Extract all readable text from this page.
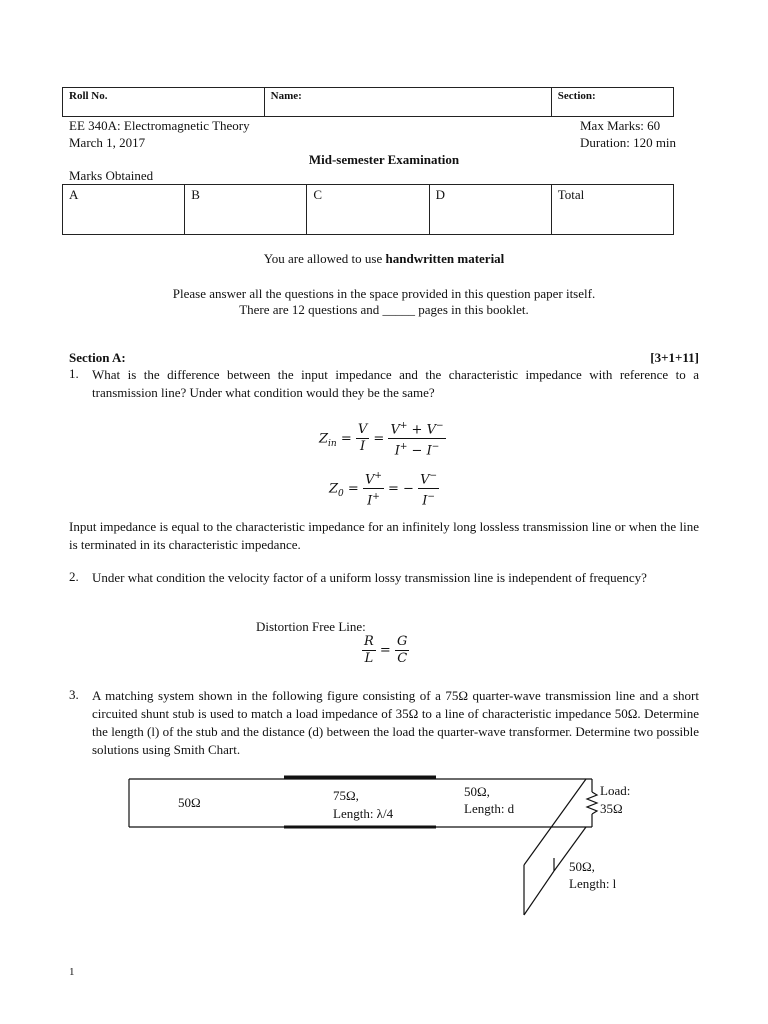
Roll No.	Name:	Section:
EE 340A: Electromagnetic Theory
March 1, 2017
Max Marks: 60
Duration: 120 min
Mid-semester Examination
Marks Obtained
A	B	C	D	Total
You are allowed to use handwritten material
Please answer all the questions in the space provided in this question paper itself.
There are 12 questions and _____ pages in this booklet.
Section A:	[3+1+11]
1. What is the difference between the input impedance and the characteristic impedance with reference to a transmission line? Under what condition would they be the same?
$Z_{in} = \frac{V}{I} = \frac{V^+ + V^-}{I^+ - I^-}$
$Z_0 = \frac{V^+}{I^+}$ = − $\frac{V^-}{I^-}$
Input impedance is equal to the characteristic impedance for an infinitely long lossless transmission line or when the line is terminated in its characteristic impedance.
2. Under what condition the velocity factor of a uniform lossy transmission line is independent of frequency?
Distortion Free Line:
$\frac{R}{L} = \frac{G}{C}$
3. A matching system shown in the following figure consisting of a 75Ω quarter-wave transmission line and a short circuited shunt stub is used to match a load impedance of 35Ω to a line of characteristic impedance 50Ω. Determine the length (l) of the stub and the distance (d) between the load the quarter-wave transformer. Determine two possible solutions using Smith Chart.
50Ω	75Ω,
Length: λ/4
50Ω,
Length: d
Load:
35Ω
50Ω,
Length: l
1
